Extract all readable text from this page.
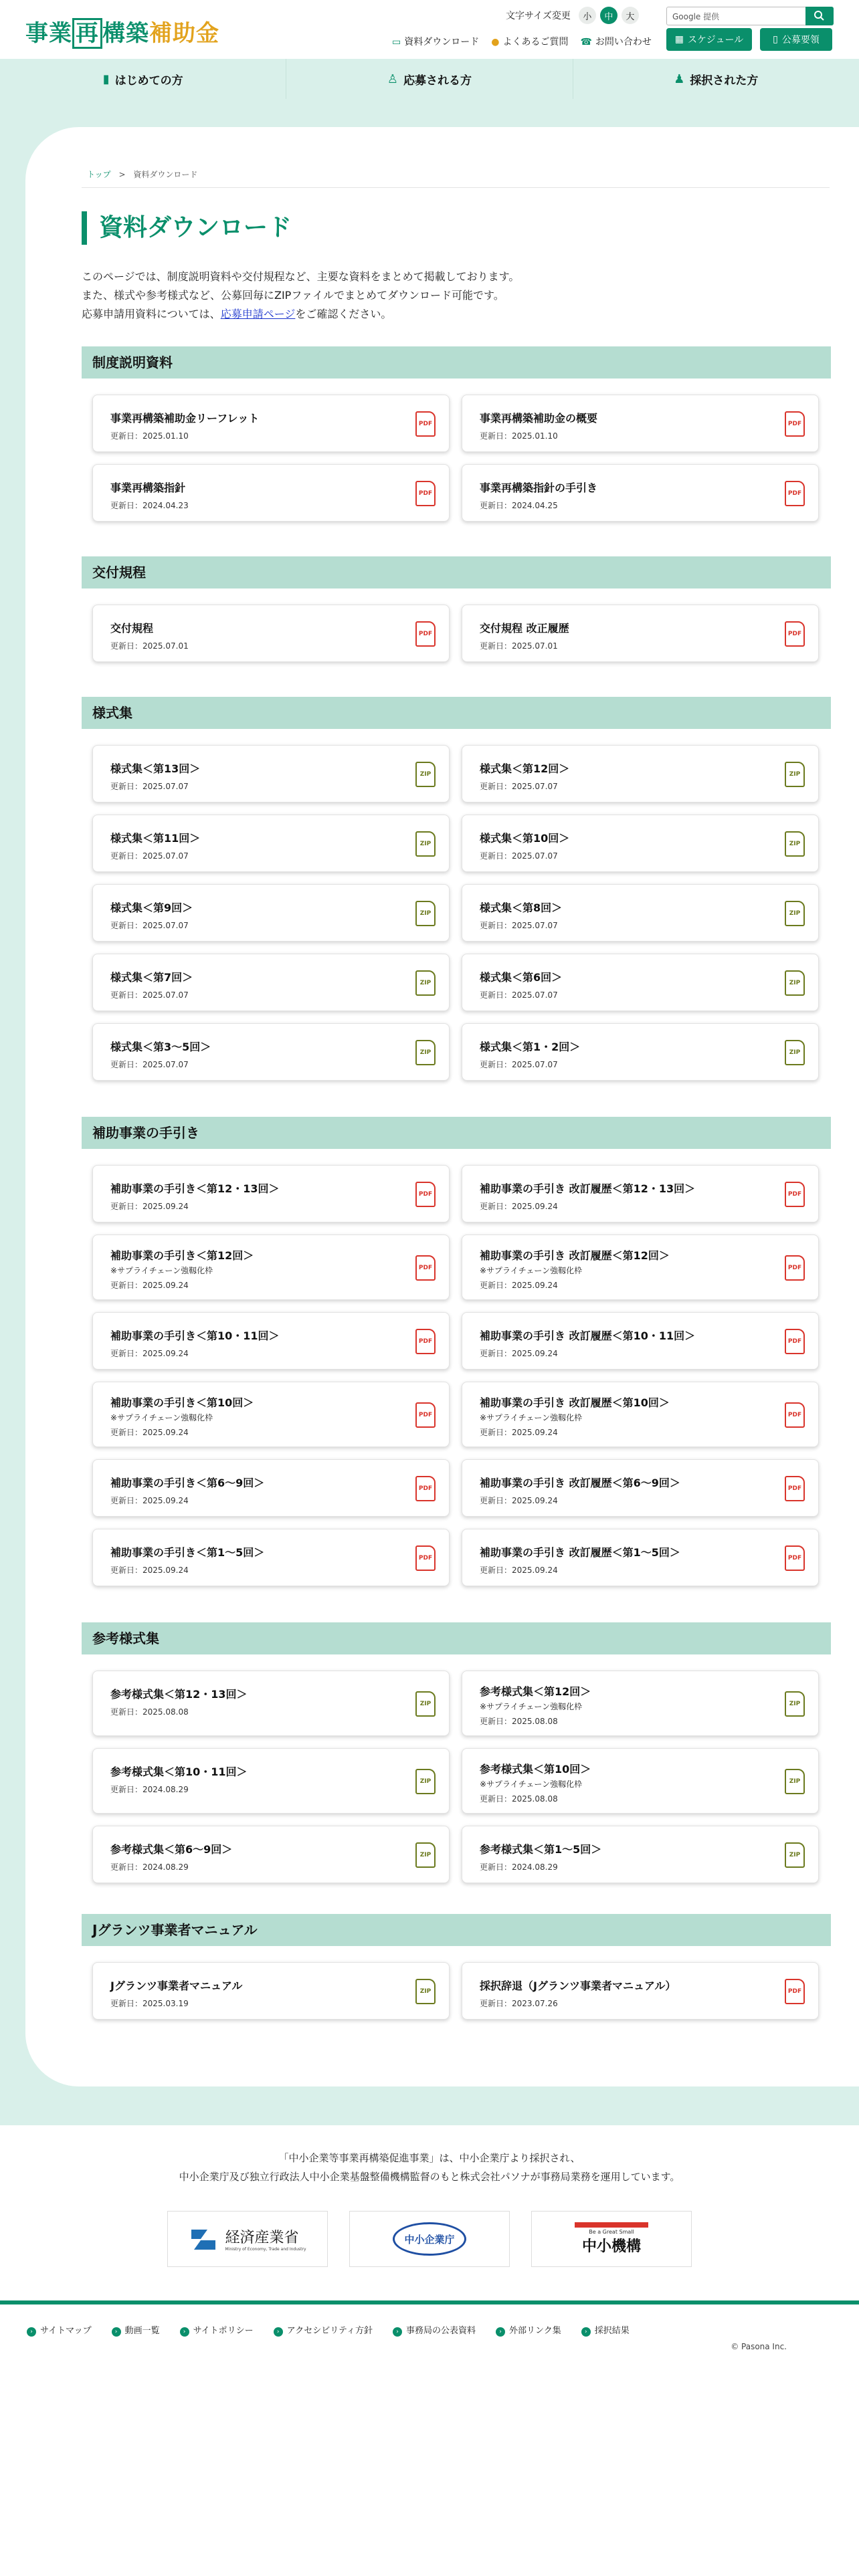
事業 再 構築補助金
文字サイズ変更	小	中	大	Google 提供
▭ 資料ダウンロード ● よくあるご質問 ☎ お問い合わせ ▦ スケジュール	▯ 公募要領
▮ はじめての方	♙ 応募される方	♟ 採択された方
トップ > 資料ダウンロード
資料ダウンロード
このページでは、制度説明資料や交付規程など、主要な資料をまとめて掲載しております。
また、様式や参考様式など、公募回毎にZIPファイルでまとめてダウンロード可能です。
応募申請用資料については、応募申請ページをご確認ください。
制度説明資料
事業再構築補助金リーフレット
更新日：2025.01.10
PDF	事業再構築補助金の概要
更新日：2025.01.10
PDF
事業再構築指針
更新日：2024.04.23
PDF	事業再構築指針の手引き
更新日：2024.04.25
PDF
交付規程
交付規程
更新日：2025.07.01
PDF	交付規程 改正履歴
更新日：2025.07.01
PDF
様式集
様式集＜第13回＞
更新日：2025.07.07
ZIP	様式集＜第12回＞
更新日：2025.07.07
ZIP
様式集＜第11回＞
更新日：2025.07.07
ZIP	様式集＜第10回＞
更新日：2025.07.07
ZIP
様式集＜第9回＞
更新日：2025.07.07
ZIP	様式集＜第8回＞
更新日：2025.07.07
ZIP
様式集＜第7回＞
更新日：2025.07.07
ZIP	様式集＜第6回＞
更新日：2025.07.07
ZIP
様式集＜第3〜5回＞
更新日：2025.07.07
ZIP	様式集＜第1・2回＞
更新日：2025.07.07
ZIP
補助事業の手引き
補助事業の手引き＜第12・13回＞
更新日：2025.09.24
PDF	補助事業の手引き 改訂履歴＜第12・13回＞
更新日：2025.09.24
PDF
補助事業の手引き＜第12回＞
※サプライチェーン強靱化枠
更新日：2025.09.24
PDF
補助事業の手引き 改訂履歴＜第12回＞
※サプライチェーン強靱化枠
更新日：2025.09.24
PDF
補助事業の手引き＜第10・11回＞
更新日：2025.09.24
PDF	補助事業の手引き 改訂履歴＜第10・11回＞
更新日：2025.09.24
PDF
補助事業の手引き＜第10回＞
※サプライチェーン強靱化枠
更新日：2025.09.24
PDF
補助事業の手引き 改訂履歴＜第10回＞
※サプライチェーン強靱化枠
更新日：2025.09.24
PDF
補助事業の手引き＜第6〜9回＞
更新日：2025.09.24
PDF	補助事業の手引き 改訂履歴＜第6〜9回＞
更新日：2025.09.24
PDF
補助事業の手引き＜第1〜5回＞
更新日：2025.09.24
PDF	補助事業の手引き 改訂履歴＜第1〜5回＞
更新日：2025.09.24
PDF
参考様式集
参考様式集＜第12・13回＞
更新日：2025.08.08
ZIP
参考様式集＜第12回＞
※サプライチェーン強靱化枠
更新日：2025.08.08
ZIP
参考様式集＜第10・11回＞
更新日：2024.08.29
ZIP
参考様式集＜第10回＞
※サプライチェーン強靱化枠
更新日：2025.08.08
ZIP
参考様式集＜第6〜9回＞
更新日：2024.08.29
ZIP	参考様式集＜第1〜5回＞
更新日：2024.08.29
ZIP
Jグランツ事業者マニュアル
Jグランツ事業者マニュアル
更新日：2025.03.19
ZIP	採択辞退（Jグランツ事業者マニュアル）
更新日：2023.07.26
PDF
「中小企業等事業再構築促進事業」は、中小企業庁より採択され、
中小企業庁及び独立行政法人中小企業基盤整備機構監督のもと株式会社パソナが事務局業務を運用しています。
経済産業省
Ministry of Economy, Trade and Industry
中小企業庁
Be a Great Small
中小機構
› サイトマップ	› 動画一覧	› サイトポリシー	› アクセシビリティ方針	› 事務局の公表資料	› 外部リンク集	› 採択結果
© Pasona Inc.
